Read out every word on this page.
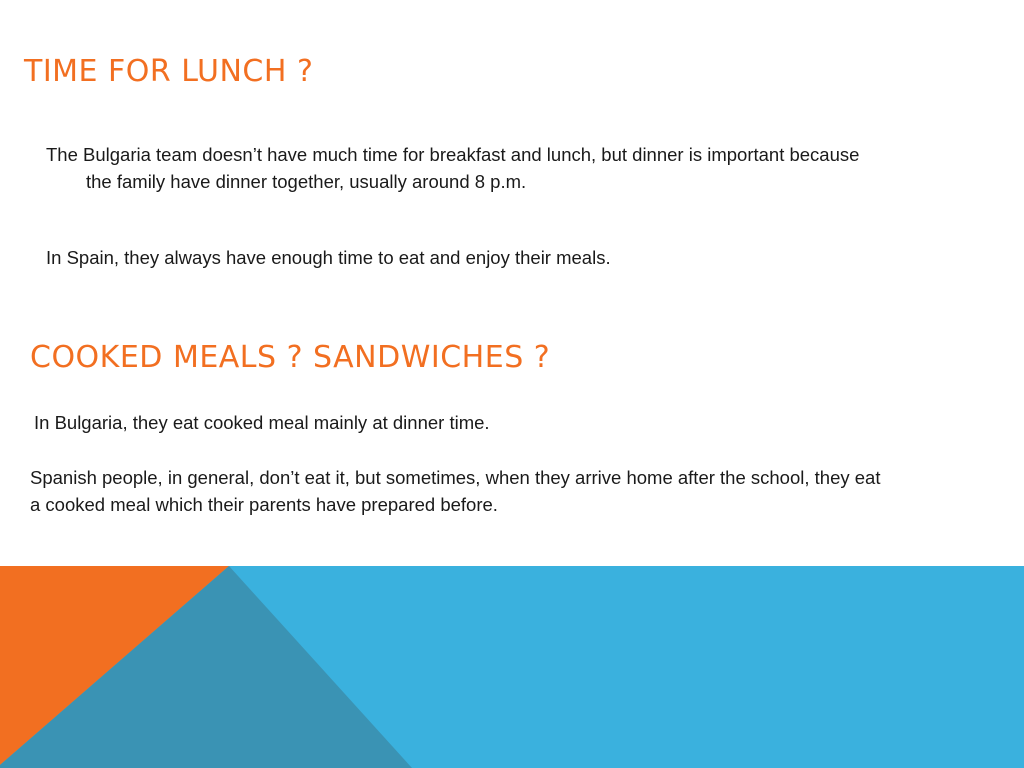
TIME FOR LUNCH ?

The Bulgaria team doesn’t have much time for breakfast and lunch, but dinner is important because the family have dinner together, usually around 8 p.m.

In Spain, they always have enough time to eat and enjoy their meals.

COOKED MEALS ? SANDWICHES ?

In Bulgaria, they eat cooked meal mainly at dinner time.

Spanish people, in general, don’t eat it, but sometimes, when they arrive home after the school, they eat a cooked meal which their parents have prepared before.
